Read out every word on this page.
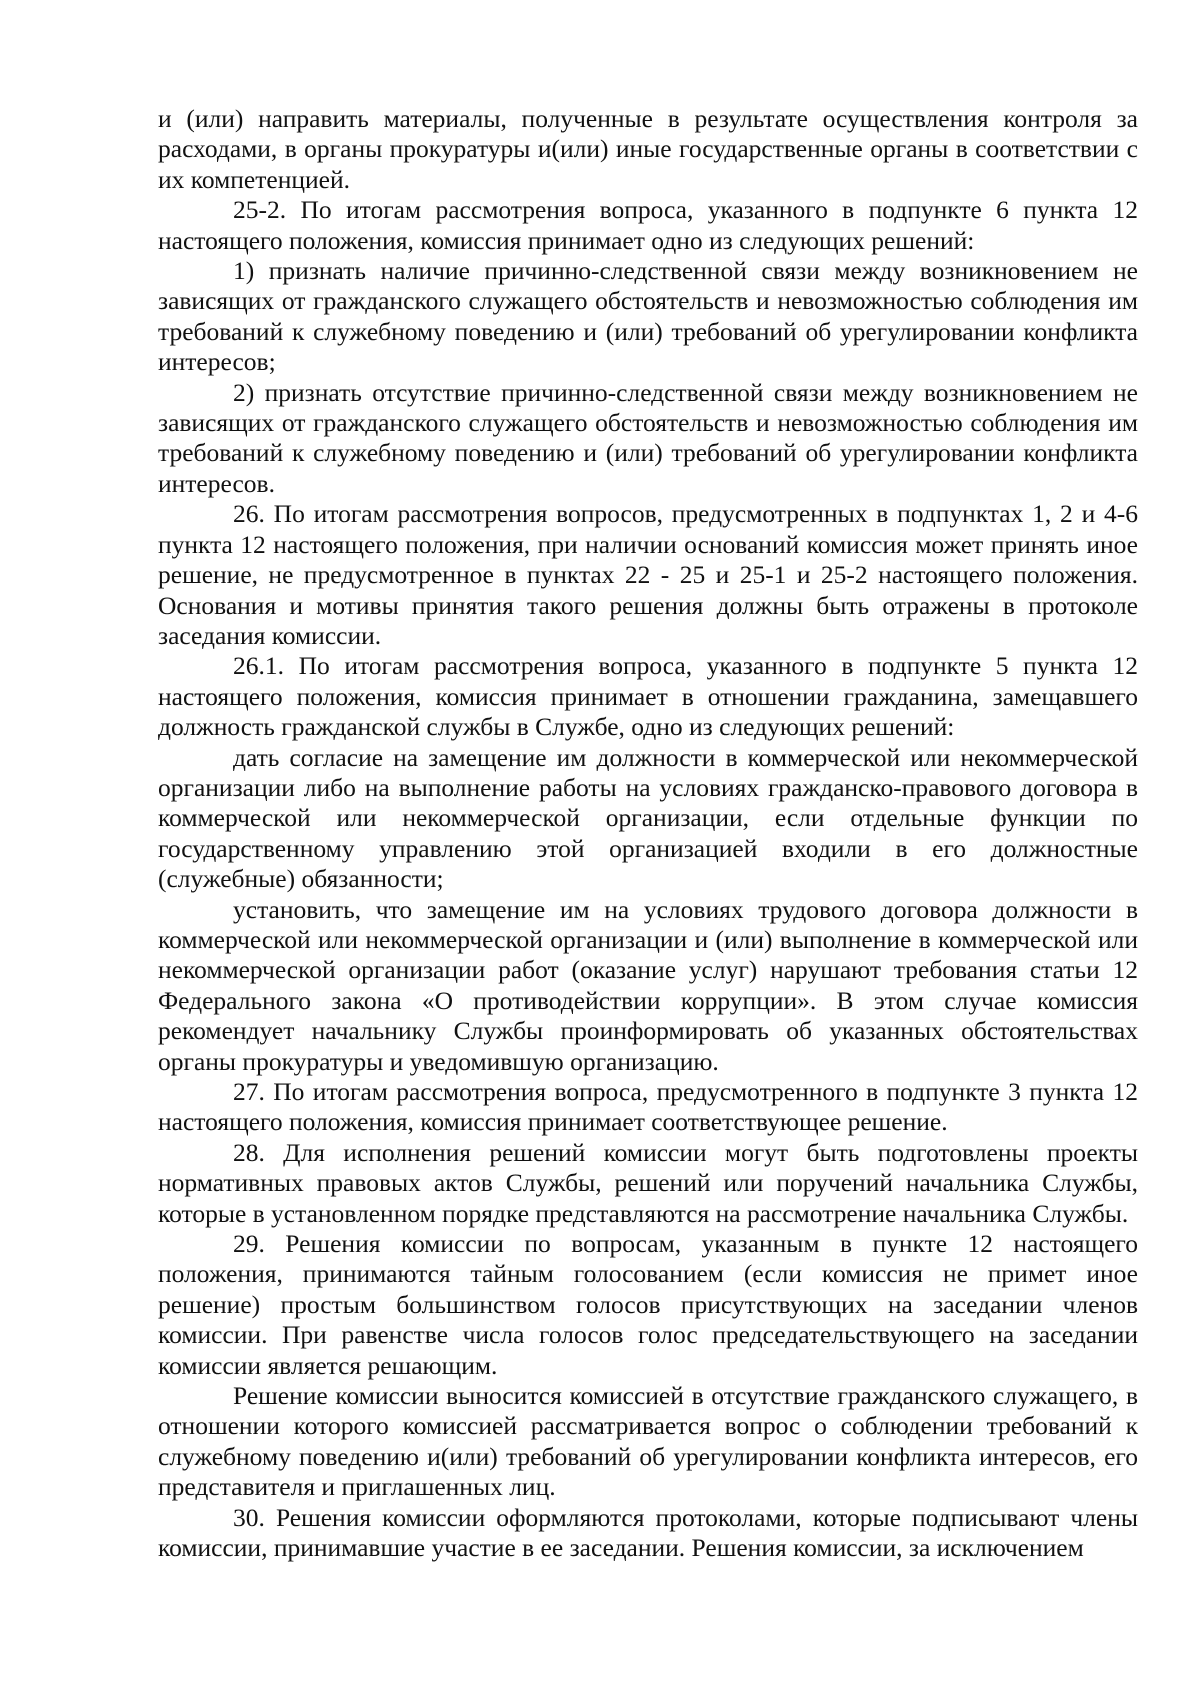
и (или) направить материалы, полученные в результате осуществления контроля за расходами, в органы прокуратуры и(или) иные государственные органы в соответствии с их компетенцией.

25-2. По итогам рассмотрения вопроса, указанного в подпункте 6 пункта 12 настоящего положения, комиссия принимает одно из следующих решений:

1) признать наличие причинно-следственной связи между возникновением не зависящих от гражданского служащего обстоятельств и невозможностью соблюдения им требований к служебному поведению и (или) требований об урегулировании конфликта интересов;

2) признать отсутствие причинно-следственной связи между возникновением не зависящих от гражданского служащего обстоятельств и невозможностью соблюдения им требований к служебному поведению и (или) требований об урегулировании конфликта интересов.

26. По итогам рассмотрения вопросов, предусмотренных в подпунктах 1, 2 и 4-6 пункта 12 настоящего положения, при наличии оснований комиссия может принять иное решение, не предусмотренное в пунктах 22 - 25 и 25-1 и 25-2 настоящего положения. Основания и мотивы принятия такого решения должны быть отражены в протоколе заседания комиссии.

26.1. По итогам рассмотрения вопроса, указанного в подпункте 5 пункта 12 настоящего положения, комиссия принимает в отношении гражданина, замещавшего должность гражданской службы в Службе, одно из следующих решений:

дать согласие на замещение им должности в коммерческой или некоммерческой организации либо на выполнение работы на условиях гражданско-правового договора в коммерческой или некоммерческой организации, если отдельные функции по государственному управлению этой организацией входили в его должностные (служебные) обязанности;

установить, что замещение им на условиях трудового договора должности в коммерческой или некоммерческой организации и (или) выполнение в коммерческой или некоммерческой организации работ (оказание услуг) нарушают требования статьи 12 Федерального закона «О противодействии коррупции». В этом случае комиссия рекомендует начальнику Службы проинформировать об указанных обстоятельствах органы прокуратуры и уведомившую организацию.

27. По итогам рассмотрения вопроса, предусмотренного в подпункте 3 пункта 12 настоящего положения, комиссия принимает соответствующее решение.

28. Для исполнения решений комиссии могут быть подготовлены проекты нормативных правовых актов Службы, решений или поручений начальника Службы, которые в установленном порядке представляются на рассмотрение начальника Службы.

29. Решения комиссии по вопросам, указанным в пункте 12 настоящего положения, принимаются тайным голосованием (если комиссия не примет иное решение) простым большинством голосов присутствующих на заседании членов комиссии. При равенстве числа голосов голос председательствующего на заседании комиссии является решающим.

Решение комиссии выносится комиссией в отсутствие гражданского служащего, в отношении которого комиссией рассматривается вопрос о соблюдении требований к служебному поведению и(или) требований об урегулировании конфликта интересов, его представителя и приглашенных лиц.

30. Решения комиссии оформляются протоколами, которые подписывают члены комиссии, принимавшие участие в ее заседании. Решения комиссии, за исключением
